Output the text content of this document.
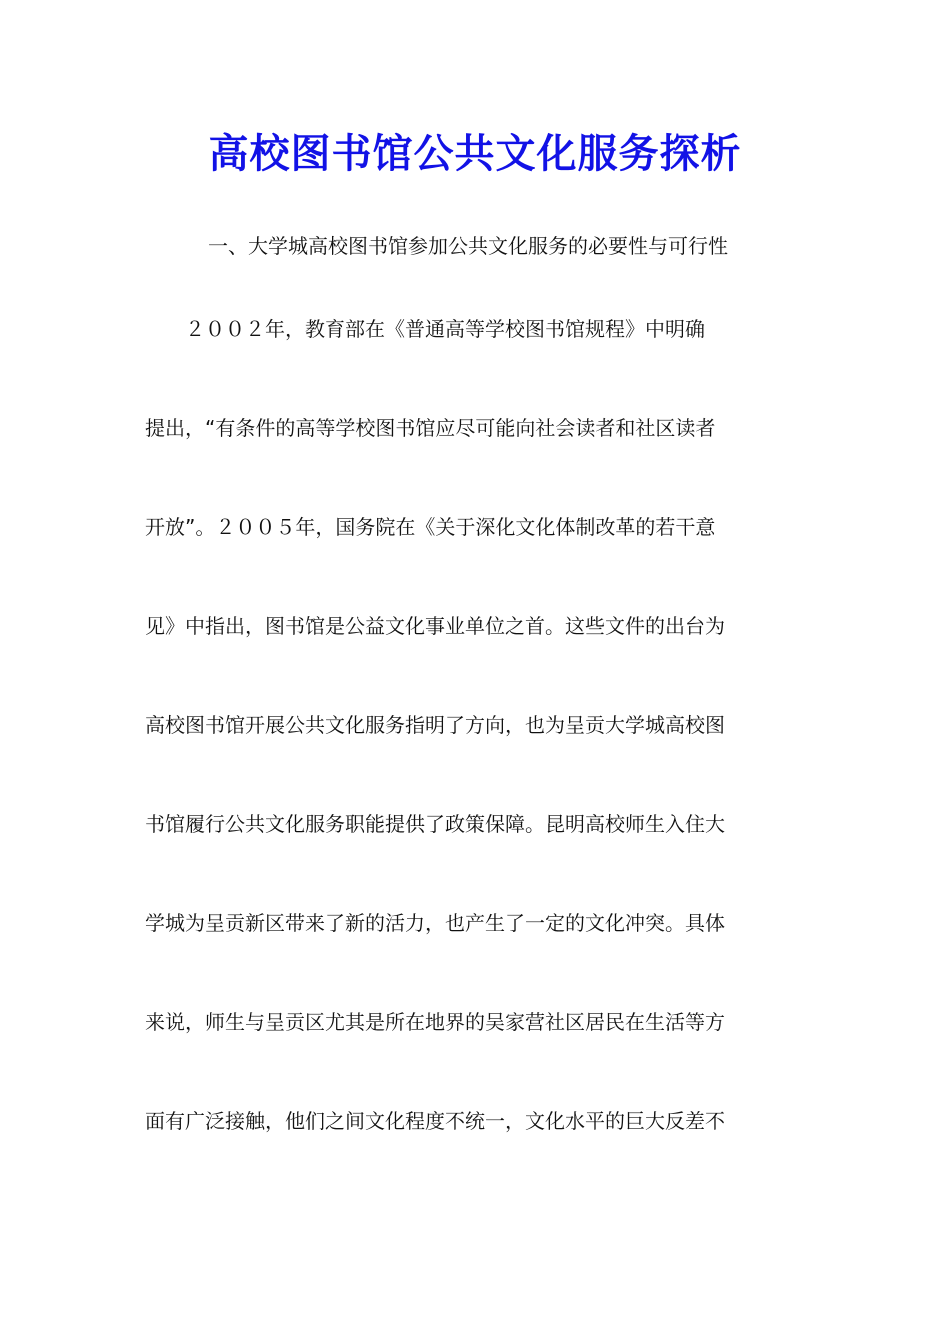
高校图书馆公共文化服务探析
一、大学城高校图书馆参加公共文化服务的必要性与可行性
　　２００２年，教育部在《普通高等学校图书馆规程》中明确
提出，“有条件的高等学校图书馆应尽可能向社会读者和社区读者
开放”。２００５年，国务院在《关于深化文化体制改革的若干意
见》中指出，图书馆是公益文化事业单位之首。这些文件的出台为
高校图书馆开展公共文化服务指明了方向，也为呈贡大学城高校图
书馆履行公共文化服务职能提供了政策保障。昆明高校师生入住大
学城为呈贡新区带来了新的活力，也产生了一定的文化冲突。具体
来说，师生与呈贡区尤其是所在地界的吴家营社区居民在生活等方
面有广泛接触，他们之间文化程度不统一，文化水平的巨大反差不
